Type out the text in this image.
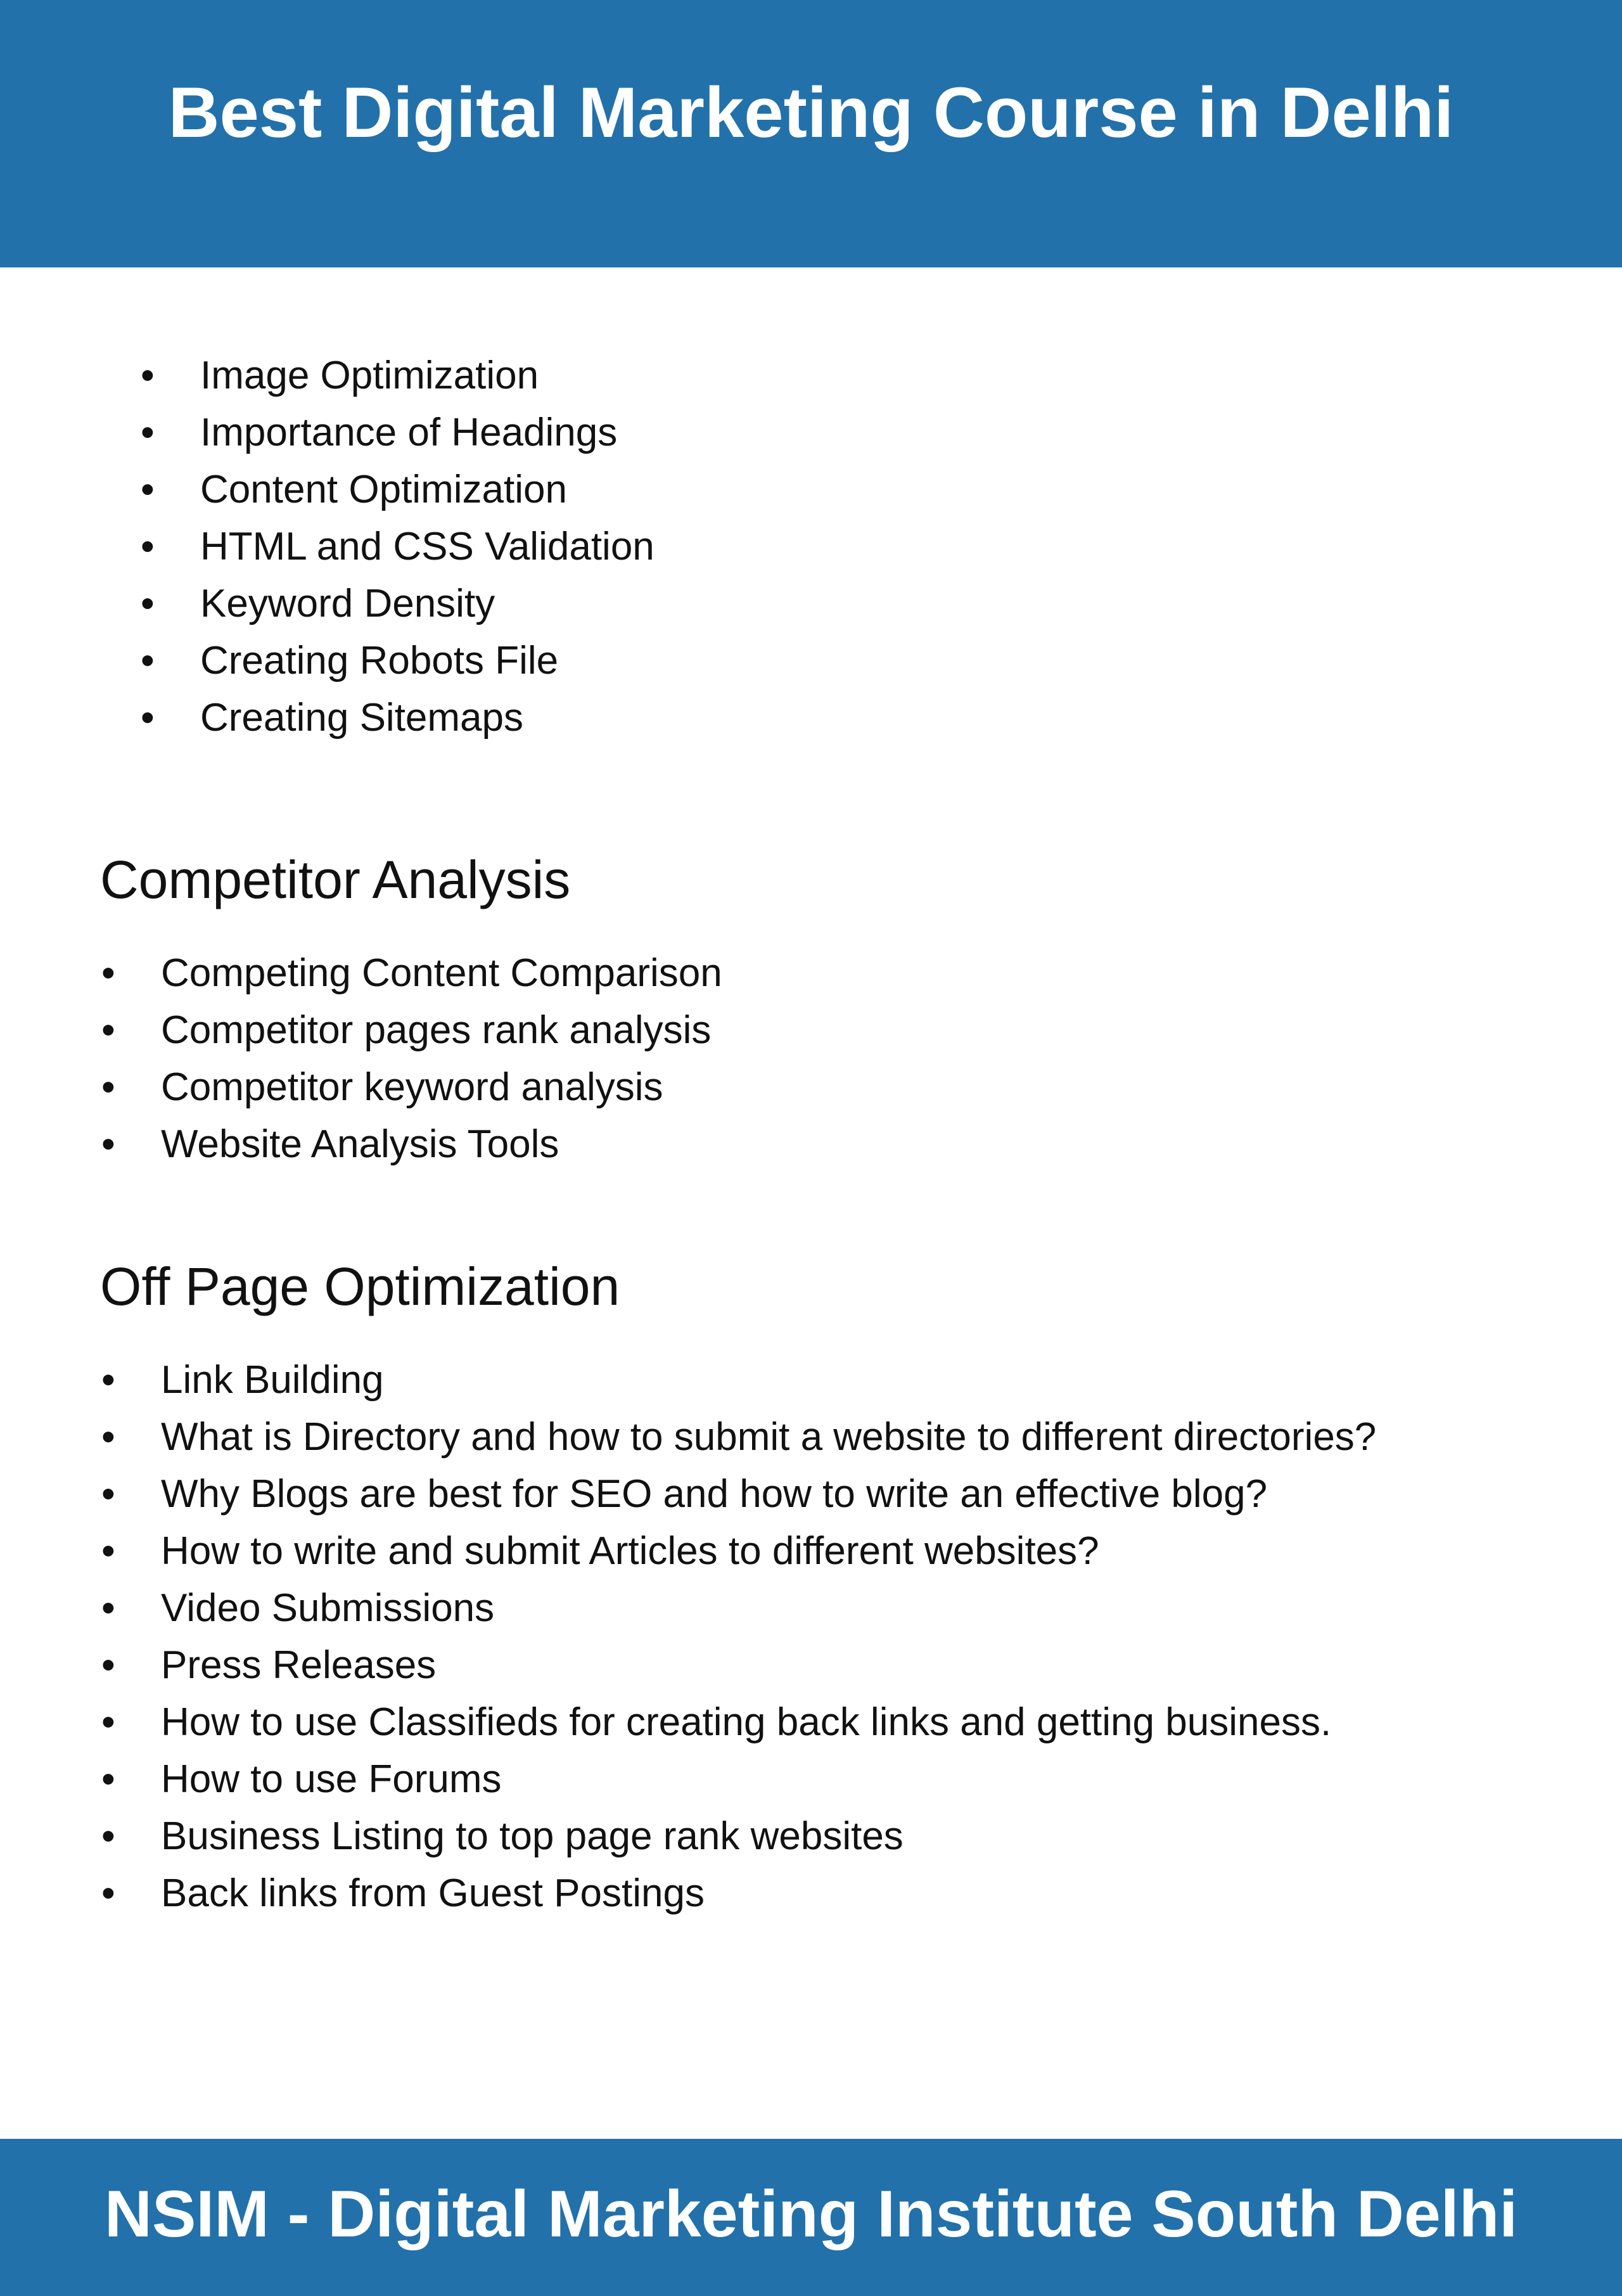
Best Digital Marketing Course in Delhi
• Image Optimization
• Importance of Headings
• Content Optimization
• HTML and CSS Validation
• Keyword Density
• Creating Robots File
• Creating Sitemaps
Competitor Analysis
• Competing Content Comparison
• Competitor pages rank analysis
• Competitor keyword analysis
• Website Analysis Tools
Off Page Optimization
• Link Building
• What is Directory and how to submit a website to different directories?
• Why Blogs are best for SEO and how to write an effective blog?
• How to write and submit Articles to different websites?
• Video Submissions
• Press Releases
• How to use Classifieds for creating back links and getting business.
• How to use Forums
• Business Listing to top page rank websites
• Back links from Guest Postings
NSIM - Digital Marketing Institute South Delhi
